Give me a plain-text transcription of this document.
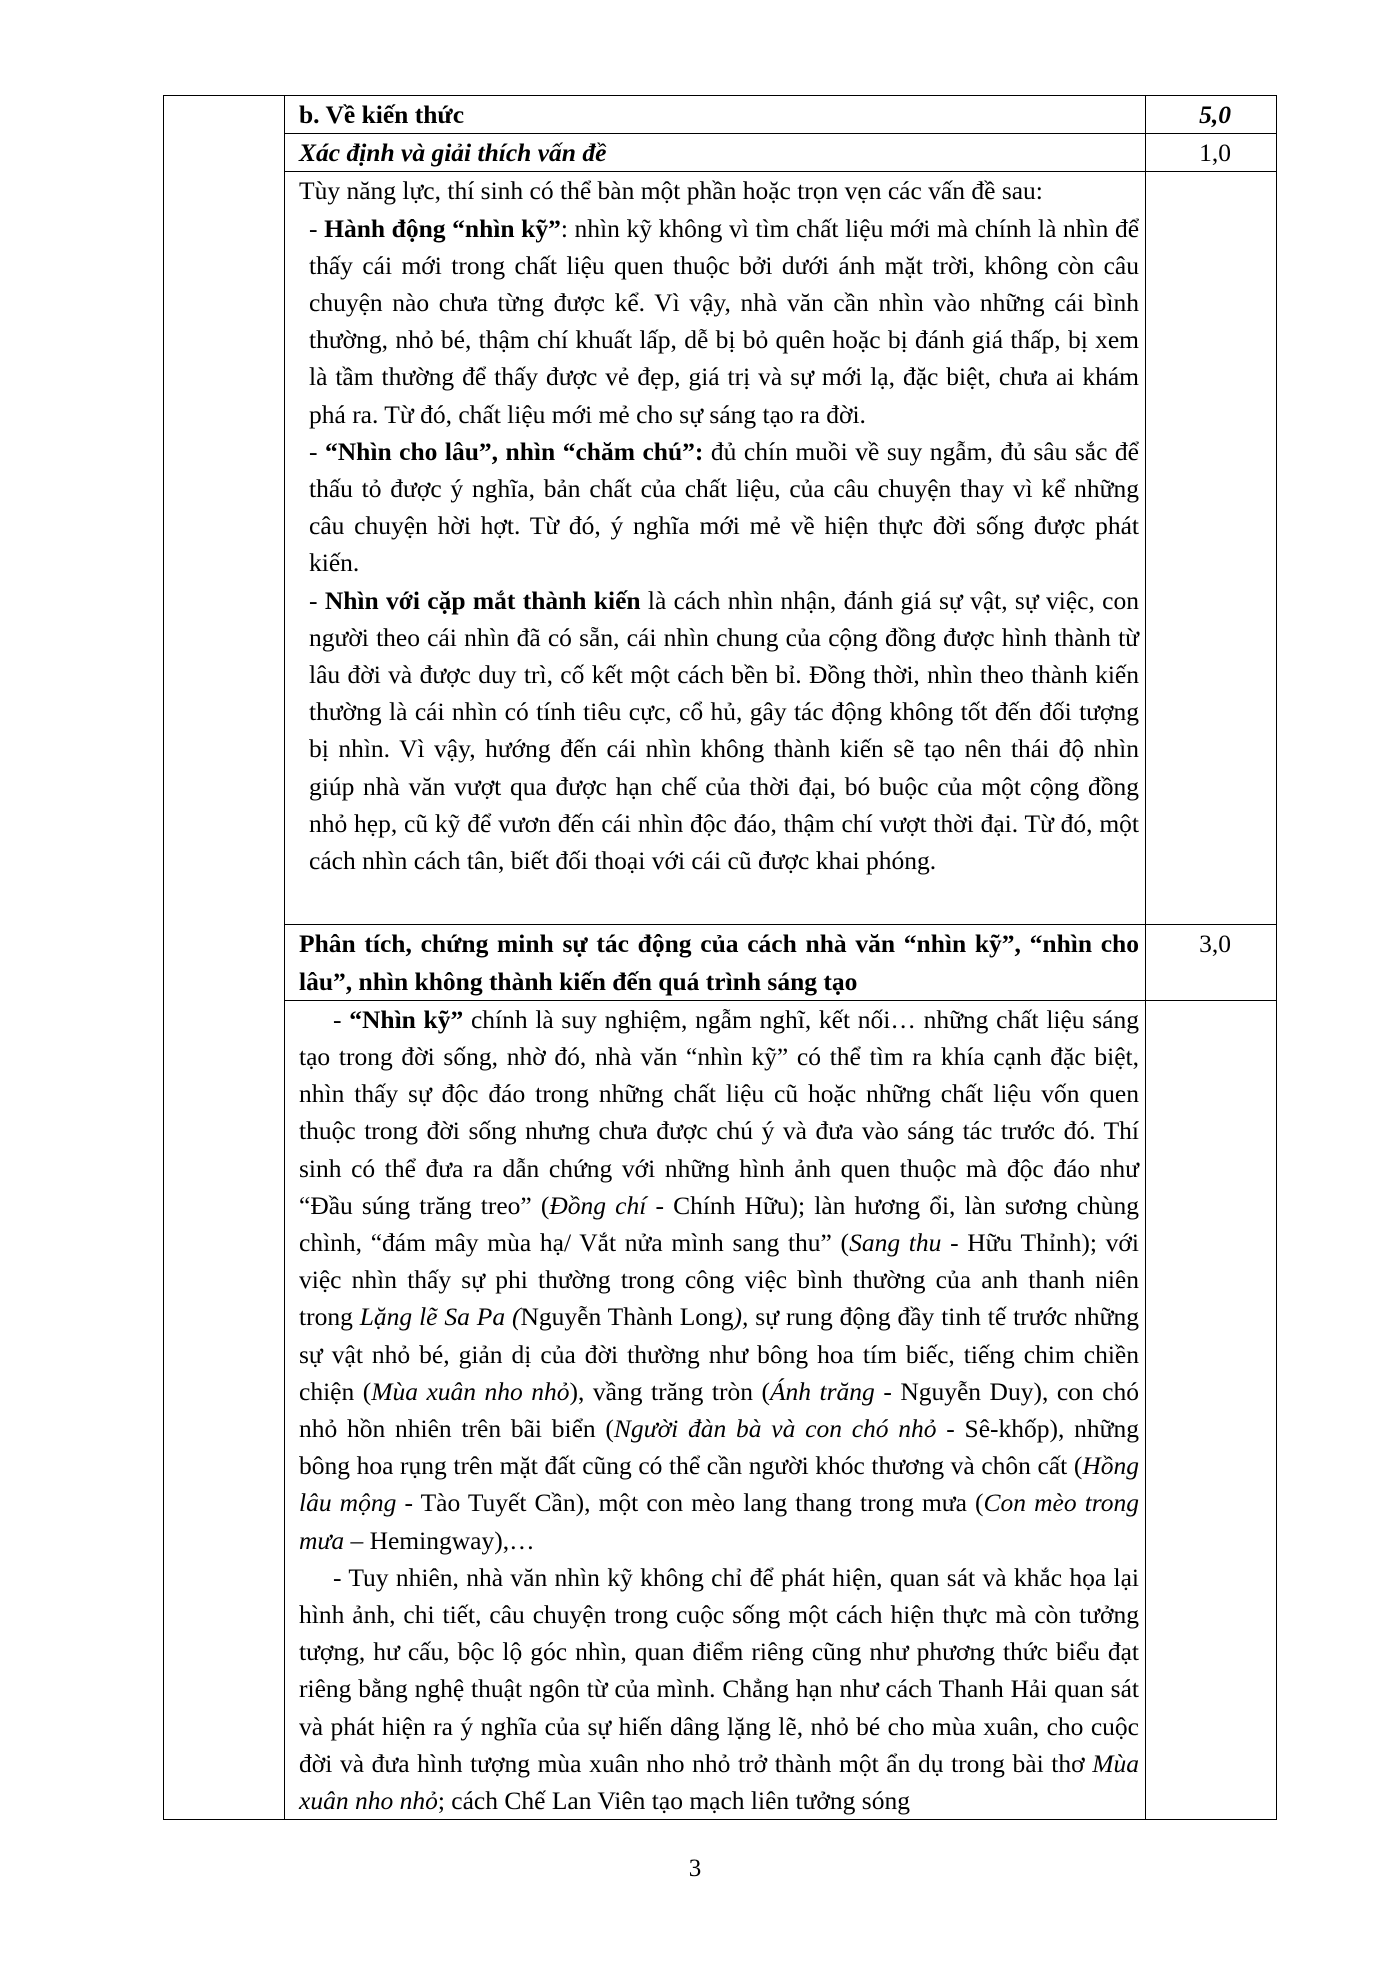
	b. Về kiến thức	5,0
	Xác định và giải thích vấn đề	1,0

	Tùy năng lực, thí sinh có thể bàn một phần hoặc trọn vẹn các vấn đề sau:

- Hành động “nhìn kỹ”: nhìn kỹ không vì tìm chất liệu mới mà chính là nhìn để thấy cái mới trong chất liệu quen thuộc bởi dưới ánh mặt trời, không còn câu chuyện nào chưa từng được kể. Vì vậy, nhà văn cần nhìn vào những cái bình thường, nhỏ bé, thậm chí khuất lấp, dễ bị bỏ quên hoặc bị đánh giá thấp, bị xem là tầm thường để thấy được vẻ đẹp, giá trị và sự mới lạ, đặc biệt, chưa ai khám phá ra. Từ đó, chất liệu mới mẻ cho sự sáng tạo ra đời.

- “Nhìn cho lâu”, nhìn “chăm chú”: đủ chín muồi về suy ngẫm, đủ sâu sắc để thấu tỏ được ý nghĩa, bản chất của chất liệu, của câu chuyện thay vì kể những câu chuyện hời hợt. Từ đó, ý nghĩa mới mẻ về hiện thực đời sống được phát kiến.

- Nhìn với cặp mắt thành kiến là cách nhìn nhận, đánh giá sự vật, sự việc, con người theo cái nhìn đã có sẵn, cái nhìn chung của cộng đồng được hình thành từ lâu đời và được duy trì, cố kết một cách bền bỉ. Đồng thời, nhìn theo thành kiến thường là cái nhìn có tính tiêu cực, cổ hủ, gây tác động không tốt đến đối tượng bị nhìn. Vì vậy, hướng đến cái nhìn không thành kiến sẽ tạo nên thái độ nhìn giúp nhà văn vượt qua được hạn chế của thời đại, bó buộc của một cộng đồng nhỏ hẹp, cũ kỹ để vươn đến cái nhìn độc đáo, thậm chí vượt thời đại. Từ đó, một cách nhìn cách tân, biết đối thoại với cái cũ được khai phóng.	

	Phân tích, chứng minh sự tác động của cách nhà văn “nhìn kỹ”, “nhìn cho lâu”, nhìn không thành kiến đến quá trình sáng tạo	3,0

	- “Nhìn kỹ” chính là suy nghiệm, ngẫm nghĩ, kết nối… những chất liệu sáng tạo trong đời sống, nhờ đó, nhà văn “nhìn kỹ” có thể tìm ra khía cạnh đặc biệt, nhìn thấy sự độc đáo trong những chất liệu cũ hoặc những chất liệu vốn quen thuộc trong đời sống nhưng chưa được chú ý và đưa vào sáng tác trước đó. Thí sinh có thể đưa ra dẫn chứng với những hình ảnh quen thuộc mà độc đáo như “Đầu súng trăng treo” (Đồng chí - Chính Hữu); làn hương ổi, làn sương chùng chình, “đám mây mùa hạ/ Vắt nửa mình sang thu” (Sang thu - Hữu Thỉnh); với việc nhìn thấy sự phi thường trong công việc bình thường của anh thanh niên trong Lặng lẽ Sa Pa (Nguyễn Thành Long), sự rung động đầy tinh tế trước những sự vật nhỏ bé, giản dị của đời thường như bông hoa tím biếc, tiếng chim chiền chiện (Mùa xuân nho nhỏ), vầng trăng tròn (Ánh trăng - Nguyễn Duy), con chó nhỏ hồn nhiên trên bãi biển (Người đàn bà và con chó nhỏ - Sê-khốp), những bông hoa rụng trên mặt đất cũng có thể cần người khóc thương và chôn cất (Hồng lâu mộng - Tào Tuyết Cần), một con mèo lang thang trong mưa (Con mèo trong mưa – Hemingway),…

- Tuy nhiên, nhà văn nhìn kỹ không chỉ để phát hiện, quan sát và khắc họa lại hình ảnh, chi tiết, câu chuyện trong cuộc sống một cách hiện thực mà còn tưởng tượng, hư cấu, bộc lộ góc nhìn, quan điểm riêng cũng như phương thức biểu đạt riêng bằng nghệ thuật ngôn từ của mình. Chẳng hạn như cách Thanh Hải quan sát và phát hiện ra ý nghĩa của sự hiến dâng lặng lẽ, nhỏ bé cho mùa xuân, cho cuộc đời và đưa hình tượng mùa xuân nho nhỏ trở thành một ẩn dụ trong bài thơ Mùa xuân nho nhỏ; cách Chế Lan Viên tạo mạch liên tưởng sóng	

3
